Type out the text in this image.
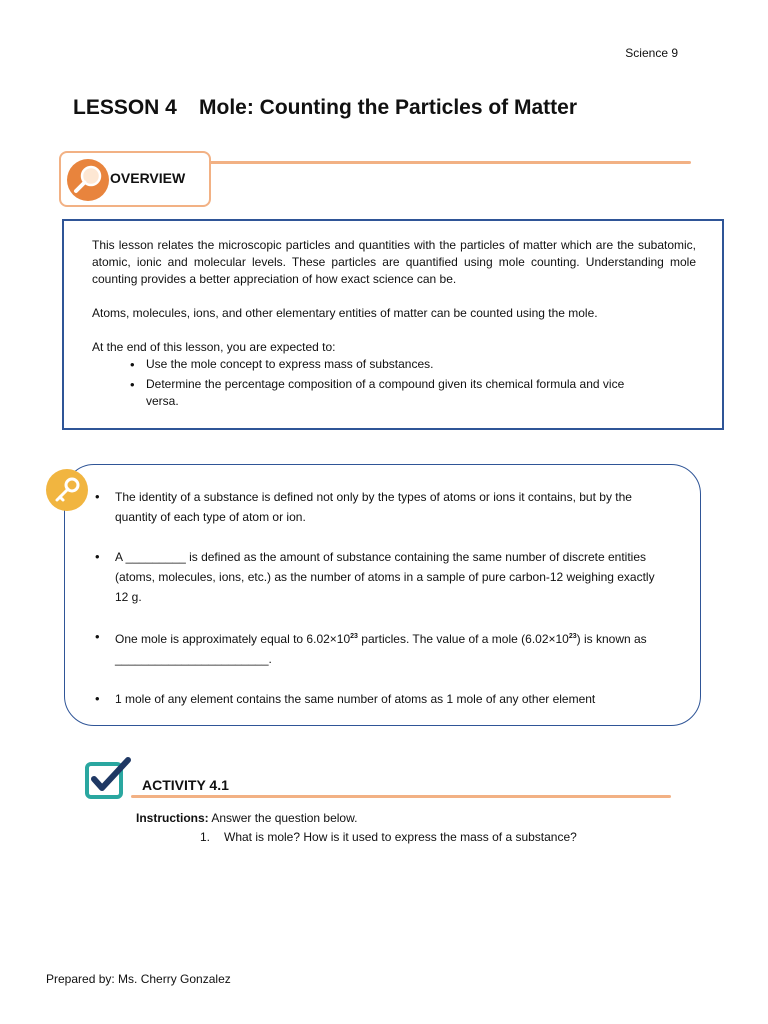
Science 9
LESSON 4 Mole: Counting the Particles of Matter
OVERVIEW

This lesson relates the microscopic particles and quantities with the particles of matter which are the subatomic, atomic, ionic and molecular levels. These particles are quantified using mole counting. Understanding mole counting provides a better appreciation of how exact science can be.

Atoms, molecules, ions, and other elementary entities of matter can be counted using the mole.

At the end of this lesson, you are expected to:

• Use the mole concept to express mass of substances.
• Determine the percentage composition of a compound given its chemical formula and vice versa.
• The identity of a substance is defined not only by the types of atoms or ions it contains, but by the quantity of each type of atom or ion.
• A _________ is defined as the amount of substance containing the same number of discrete entities (atoms, molecules, ions, etc.) as the number of atoms in a sample of pure carbon-12 weighing exactly 12 g.
• One mole is approximately equal to $6.02\times 10^{23}$ particles. The value of a mole $(6.02\times 10^{23})$ is known as _______________________.
• 1 mole of any element contains the same number of atoms as 1 mole of any other element
ACTIVITY 4.1
Instructions: Answer the question below.
1. What is mole? How is it used to express the mass of a substance?
Prepared by: Ms. Cherry Gonzalez
